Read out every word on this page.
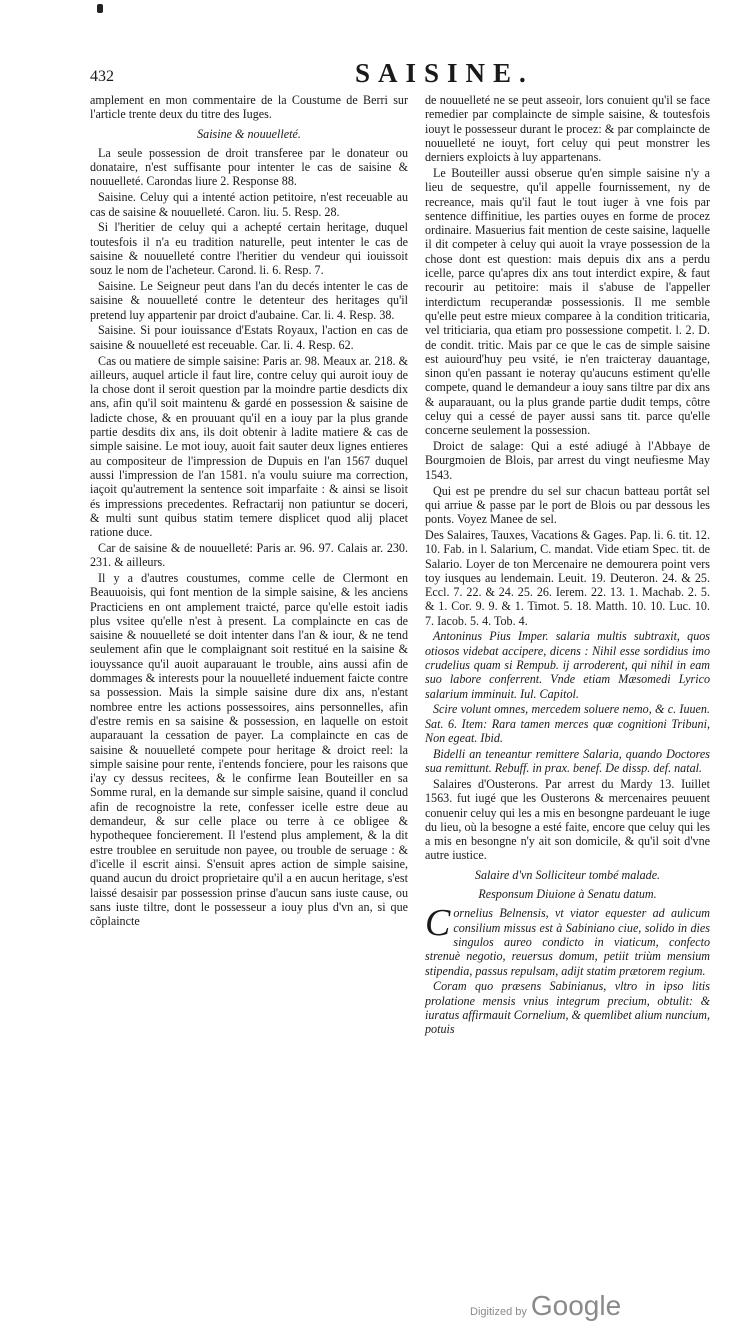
432	SAISINE.

amplement en mon commentaire de la Coustume de Berri sur l'article trente deux du titre des Iuges.

Saisine & nouuelleté.

La seule possession de droit transferee par le donateur ou donataire, n'est suffisante pour intenter le cas de saisine & nouuelleté. Carondas liure 2. Response 88.

Saisine. Celuy qui a intenté action petitoire, n'est receuable au cas de saisine & nouuelleté. Caron. liu. 5. Resp. 28.

Si l'heritier de celuy qui a achepté certain heritage, duquel toutesfois il n'a eu tradition naturelle, peut intenter le cas de saisine & nouuelleté contre l'heritier du vendeur qui iouissoit souz le nom de l'acheteur. Carond. li. 6. Resp. 7.

Saisine. Le Seigneur peut dans l'an du decés intenter le cas de saisine & nouuelleté contre le detenteur des heritages qu'il pretend luy appartenir par droict d'aubaine. Car. li. 4. Resp. 38.

Saisine. Si pour iouissance d'Estats Royaux, l'action en cas de saisine & nouuelleté est receuable. Car. li. 4. Resp. 62.

Cas ou matiere de simple saisine: Paris ar. 98. Meaux ar. 218. & ailleurs, auquel article il faut lire, contre celuy qui auroit iouy de la chose dont il seroit question par la moindre partie desdicts dix ans, afin qu'il soit maintenu & gardé en possession & saisine de ladicte chose, & en prouuant qu'il en a iouy par la plus grande partie desdits dix ans, ils doit obtenir à ladite matiere & cas de simple saisine. Le mot iouy, auoit fait sauter deux lignes entieres au compositeur de l'impression de Dupuis en l'an 1567 duquel aussi l'impression de l'an 1581. n'a voulu suiure ma correction, iaçoit qu'autrement la sentence soit imparfaite : & ainsi se lisoit és impressions precedentes. Refractarij non patiuntur se doceri, & multi sunt quibus statim temere displicet quod alij placet ratione duce.

Car de saisine & de nouuelleté: Paris ar. 96. 97. Calais ar. 230. 231. & ailleurs.

Il y a d'autres coustumes, comme celle de Clermont en Beauuoisis, qui font mention de la simple saisine, & les anciens Practiciens en ont amplement traicté, parce qu'elle estoit iadis plus vsitee qu'elle n'est à present. La complaincte en cas de saisine & nouuelleté se doit intenter dans l'an & iour, & ne tend seulement afin que le complaignant soit restitué en la saisine & iouyssance qu'il auoit auparauant le trouble, ains aussi afin de dommages & interests pour la nouuelleté induement faicte contre sa possession. Mais la simple saisine dure dix ans, n'estant nombree entre les actions possessoires, ains personnelles, afin d'estre remis en sa saisine & possession, en laquelle on estoit auparauant la cessation de payer. La complaincte en cas de saisine & nouuelleté compete pour heritage & droict reel: la simple saisine pour rente, i'entends fonciere, pour les raisons que i'ay cy dessus recitees, & le confirme Iean Bouteiller en sa Somme rural, en la demande sur simple saisine, quand il conclud afin de recognoistre la rete, confesser icelle estre deue au demandeur, & sur celle place ou terre à ce obligee & hypothequee foncierement. Il l'estend plus amplement, & la dit estre troublee en seruitude non payee, ou trouble de seruage : & d'icelle il escrit ainsi. S'ensuit apres action de simple saisine, quand aucun du droict proprietaire qu'il a en aucun heritage, s'est laissé desaisir par possession prinse d'aucun sans iuste cause, ou sans iuste tiltre, dont le possesseur a iouy plus d'vn an, si que cõplaincte

de nouuelleté ne se peut asseoir, lors conuient qu'il se face remedier par complaincte de simple saisine, & toutesfois iouyt le possesseur durant le procez: & par complaincte de nouuelleté ne iouyt, fort celuy qui peut monstrer les derniers exploicts à luy appartenans.

Le Bouteiller aussi obserue qu'en simple saisine n'y a lieu de sequestre, qu'il appelle fournissement, ny de recreance, mais qu'il faut le tout iuger à vne fois par sentence diffinitiue, les parties ouyes en forme de procez ordinaire. Masuerius fait mention de ceste saisine, laquelle il dit competer à celuy qui auoit la vraye possession de la chose dont est question: mais depuis dix ans a perdu icelle, parce qu'apres dix ans tout interdict expire, & faut recourir au petitoire: mais il s'abuse de l'appeller interdictum recuperandæ possessionis. Il me semble qu'elle peut estre mieux comparee à la condition triticaria, vel triticiaria, qua etiam pro possessione competit. l. 2. D. de condit. tritic. Mais par ce que le cas de simple saisine est auiourd'huy peu vsité, ie n'en traicteray dauantage, sinon qu'en passant ie noteray qu'aucuns estiment qu'elle compete, quand le demandeur a iouy sans tiltre par dix ans & auparauant, ou la plus grande partie dudit temps, côtre celuy qui a cessé de payer aussi sans tit. parce qu'elle concerne seulement la possession.

Droict de salage: Qui a esté adiugé à l'Abbaye de Bourgmoien de Blois, par arrest du vingt neufiesme May 1543.

Qui est pe prendre du sel sur chacun batteau portât sel qui arriue & passe par le port de Blois ou par dessous les ponts. Voyez Manee de sel.

Des Salaires, Tauxes, Vacations & Gages. Pap. li. 6. tit. 12. 10. Fab. in l. Salarium, C. mandat. Vide etiam Spec. tit. de Salario. Loyer de ton Mercenaire ne demourera point vers toy iusques au lendemain. Leuit. 19. Deuteron. 24. & 25. Eccl. 7. 22. & 24. 25. 26. Ierem. 22. 13. 1. Machab. 2. 5. & 1. Cor. 9. 9. & 1. Timot. 5. 18. Matth. 10. 10. Luc. 10. 7. Iacob. 5. 4. Tob. 4.

Antoninus Pius Imper. salaria multis subtraxit, quos otiosos videbat accipere, dicens : Nihil esse sordidius imo crudelius quam si Rempub. ij arroderent, qui nihil in eam suo labore conferrent. Vnde etiam Mæsomedi Lyrico salarium imminuit. Iul. Capitol.

Scire volunt omnes, mercedem soluere nemo, & c. Iuuen. Sat. 6. Item: Rara tamen merces quæ cognitioni Tribuni, Non egeat. Ibid.

Bidelli an teneantur remittere Salaria, quando Doctores sua remittunt. Rebuff. in prax. benef. De dissp. def. natal.

Salaires d'Ousterons. Par arrest du Mardy 13. Iuillet 1563. fut iugé que les Ousterons & mercenaires peuuent conuenir celuy qui les a mis en besongne pardeuant le iuge du lieu, où la besogne a esté faite, encore que celuy qui les a mis en besongne n'y ait son domicile, & qu'il soit d'vne autre iustice.

Salaire d'vn Solliciteur tombé malade.

Responsum Diuione à Senatu datum.

Cornelius Belnensis, vt viator equester ad aulicum consilium missus est à Sabiniano ciue, solido in dies singulos aureo condicto in viaticum, confecto strenuè negotio, reuersus domum, petiit triùm mensium stipendia, passus repulsam, adijt statim prætorem regium.

Coram quo præsens Sabinianus, vltro in ipso litis prolatione mensis vnius integrum precium, obtulit: & iuratus affirmauit Cornelium, & quemlibet alium nuncium, potuis

Digitized by Google
